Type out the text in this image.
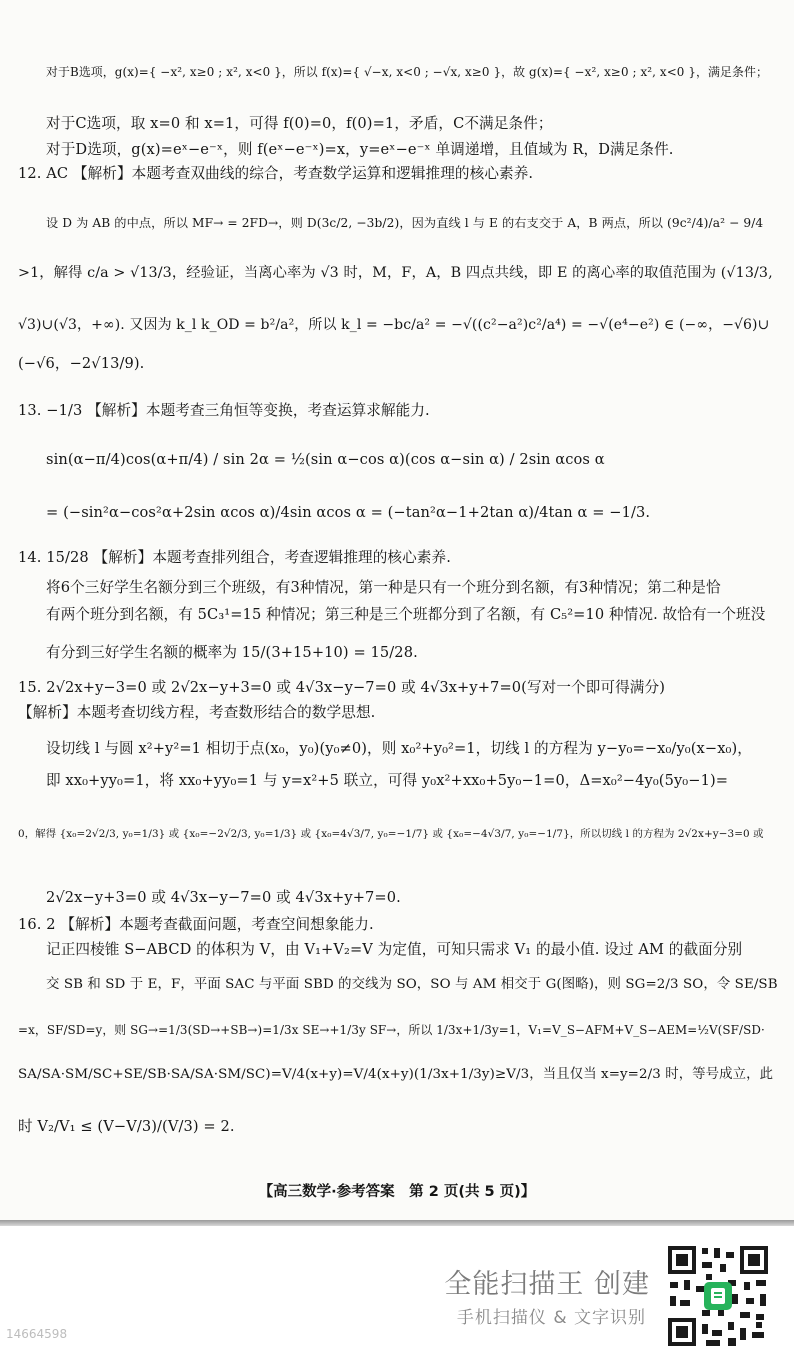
对于B选项，g(x)={ −x², x≥0 ; x², x<0 }，所以 f(x)={ √−x, x<0 ; −√x, x≥0 }，故 g(x)={ −x², x≥0 ; x², x<0 }，满足条件；
对于C选项，取 x=0 和 x=1，可得 f(0)=0，f(0)=1，矛盾，C不满足条件；
对于D选项，g(x)=eˣ−e⁻ˣ，则 f(eˣ−e⁻ˣ)=x，y=eˣ−e⁻ˣ 单调递增，且值域为 R，D满足条件.
12. AC 【解析】本题考查双曲线的综合，考查数学运算和逻辑推理的核心素养.
设 D 为 AB 的中点，所以 MF→ = 2FD→，则 D(3c/2, −3b/2)，因为直线 l 与 E 的右支交于 A，B 两点，所以 (9c²/4)/a² − 9/4
>1，解得 c/a > √13/3，经验证，当离心率为 √3 时，M，F，A，B 四点共线，即 E 的离心率的取值范围为 (√13/3,
√3)∪(√3，+∞). 又因为 k_l k_OD = b²/a²，所以 k_l = −bc/a² = −√((c²−a²)c²/a⁴) = −√(e⁴−e²) ∈ (−∞，−√6)∪
(−√6，−2√13/9).
13. −1/3 【解析】本题考查三角恒等变换，考查运算求解能力.
sin(α−π/4)cos(α+π/4) / sin 2α = ½(sin α−cos α)(cos α−sin α) / 2sin αcos α
= (−sin²α−cos²α+2sin αcos α)/4sin αcos α = (−tan²α−1+2tan α)/4tan α = −1/3.
14. 15/28 【解析】本题考查排列组合，考查逻辑推理的核心素养.
将6个三好学生名额分到三个班级，有3种情况，第一种是只有一个班分到名额，有3种情况；第二种是恰
有两个班分到名额，有 5C₃¹=15 种情况；第三种是三个班都分到了名额，有 C₅²=10 种情况. 故恰有一个班没
有分到三好学生名额的概率为 15/(3+15+10) = 15/28.
15. 2√2x+y−3=0 或 2√2x−y+3=0 或 4√3x−y−7=0 或 4√3x+y+7=0(写对一个即可得满分)
【解析】本题考查切线方程，考查数形结合的数学思想.
设切线 l 与圆 x²+y²=1 相切于点(x₀，y₀)(y₀≠0)，则 x₀²+y₀²=1，切线 l 的方程为 y−y₀=−x₀/y₀(x−x₀)，
即 xx₀+yy₀=1，将 xx₀+yy₀=1 与 y=x²+5 联立，可得 y₀x²+xx₀+5y₀−1=0，Δ=x₀²−4y₀(5y₀−1)=
0，解得 {x₀=2√2/3, y₀=1/3} 或 {x₀=−2√2/3, y₀=1/3} 或 {x₀=4√3/7, y₀=−1/7} 或 {x₀=−4√3/7, y₀=−1/7}，所以切线 l 的方程为 2√2x+y−3=0 或
2√2x−y+3=0 或 4√3x−y−7=0 或 4√3x+y+7=0.
16. 2 【解析】本题考查截面问题，考查空间想象能力.
记正四棱锥 S−ABCD 的体积为 V，由 V₁+V₂=V 为定值，可知只需求 V₁ 的最小值. 设过 AM 的截面分别
交 SB 和 SD 于 E，F，平面 SAC 与平面 SBD 的交线为 SO，SO 与 AM 相交于 G(图略)，则 SG=2/3 SO，令 SE/SB
=x，SF/SD=y，则 SG→=1/3(SD→+SB→)=1/3x SE→+1/3y SF→，所以 1/3x+1/3y=1，V₁=V_S−AFM+V_S−AEM=½V(SF/SD·
SA/SA·SM/SC+SE/SB·SA/SA·SM/SC)=V/4(x+y)=V/4(x+y)(1/3x+1/3y)≥V/3，当且仅当 x=y=2/3 时，等号成立，此
时 V₂/V₁ ≤ (V−V/3)/(V/3) = 2.
【高三数学·参考答案　第 2 页(共 5 页)】
全能扫描王 创建
手机扫描仪 & 文字识别
14664598
